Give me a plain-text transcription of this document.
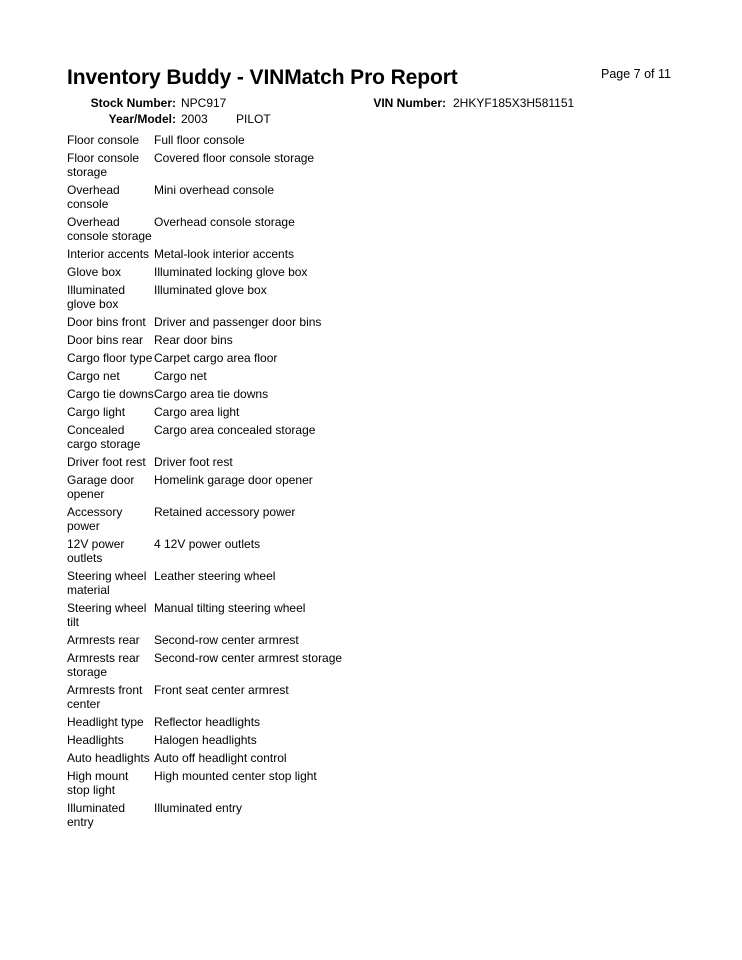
Inventory Buddy - VINMatch Pro Report	Page 7 of 11
Stock Number: NPC917	VIN Number: 2HKYF185X3H581151
Year/Model: 2003 PILOT
Floor console	Full floor console
Floor console storage	Covered floor console storage
Overhead console	Mini overhead console
Overhead console storage	Overhead console storage
Interior accents	Metal-look interior accents
Glove box	Illuminated locking glove box
Illuminated glove box	Illuminated glove box
Door bins front	Driver and passenger door bins
Door bins rear	Rear door bins
Cargo floor type	Carpet cargo area floor
Cargo net	Cargo net
Cargo tie downs	Cargo area tie downs
Cargo light	Cargo area light
Concealed cargo storage	Cargo area concealed storage
Driver foot rest	Driver foot rest
Garage door opener	Homelink garage door opener
Accessory power	Retained accessory power
12V power outlets	4 12V power outlets
Steering wheel material	Leather steering wheel
Steering wheel tilt	Manual tilting steering wheel
Armrests rear	Second-row center armrest
Armrests rear storage	Second-row center armrest storage
Armrests front center	Front seat center armrest
Headlight type	Reflector headlights
Headlights	Halogen headlights
Auto headlights	Auto off headlight control
High mount stop light	High mounted center stop light
Illuminated entry	Illuminated entry
